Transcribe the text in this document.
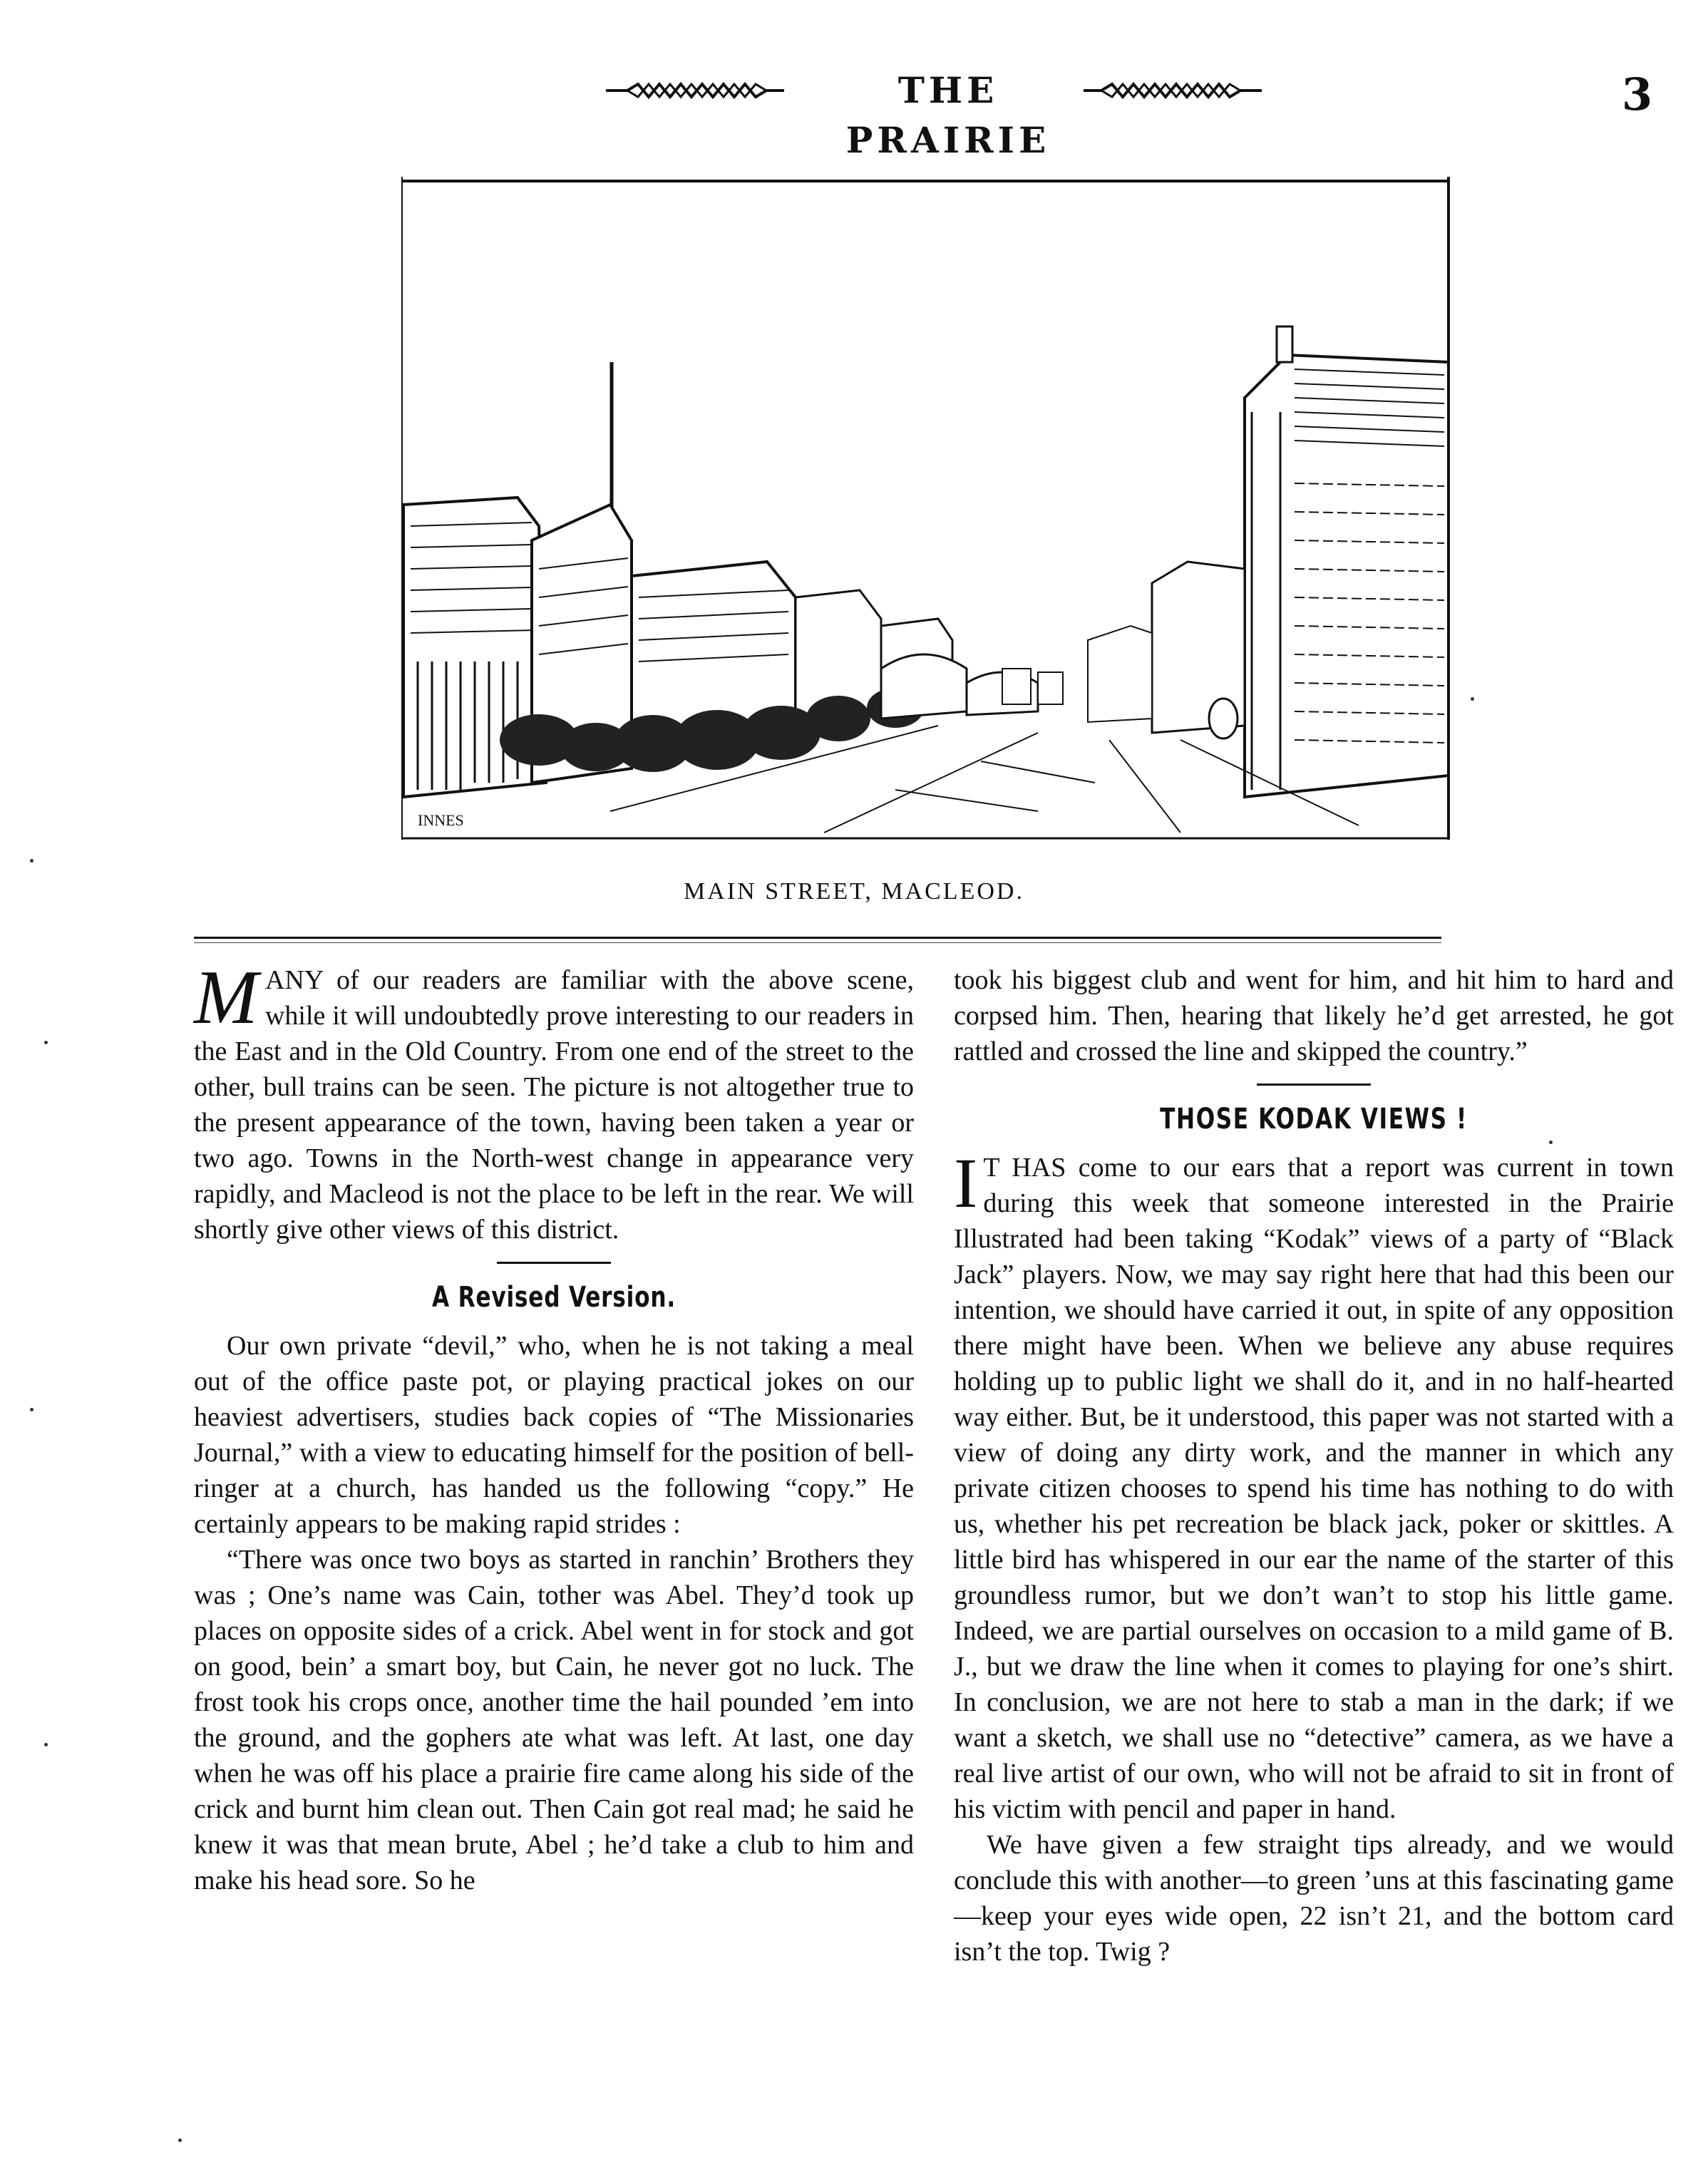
THE PRAIRIE
3
INNES
MAIN STREET, MACLEOD.

M ANY of our readers are familiar with the above scene, while it will undoubtedly prove interesting to our readers in the East and in the Old Country. From one end of the street to the other, bull trains can be seen. The picture is not altogether true to the present appearance of the town, having been taken a year or two ago. Towns in the North-west change in appearance very rapidly, and Macleod is not the place to be left in the rear. We will shortly give other views of this district.

A Revised Version.

Our own private “devil,” who, when he is not taking a meal out of the office paste pot, or playing practical jokes on our heaviest advertisers, studies back copies of “The Missionaries Journal,” with a view to educating himself for the position of bell-ringer at a church, has handed us the following “copy.” He certainly appears to be making rapid strides :

“There was once two boys as started in ranchin’ Brothers they was ; One’s name was Cain, tother was Abel. They’d took up places on opposite sides of a crick. Abel went in for stock and got on good, bein’ a smart boy, but Cain, he never got no luck. The frost took his crops once, another time the hail pounded ’em into the ground, and the gophers ate what was left. At last, one day when he was off his place a prairie fire came along his side of the crick and burnt him clean out. Then Cain got real mad; he said he knew it was that mean brute, Abel ; he’d take a club to him and make his head sore. So he

took his biggest club and went for him, and hit him to hard and corpsed him. Then, hearing that likely he’d get arrested, he got rattled and crossed the line and skipped the country.”

THOSE KODAK VIEWS !

I T HAS come to our ears that a report was current in town during this week that someone interested in the Prairie Illustrated had been taking “Kodak” views of a party of “Black Jack” players. Now, we may say right here that had this been our intention, we should have carried it out, in spite of any opposition there might have been. When we believe any abuse requires holding up to public light we shall do it, and in no half-hearted way either. But, be it understood, this paper was not started with a view of doing any dirty work, and the manner in which any private citizen chooses to spend his time has nothing to do with us, whether his pet recreation be black jack, poker or skittles. A little bird has whispered in our ear the name of the starter of this groundless rumor, but we don’t wan’t to stop his little game. Indeed, we are partial ourselves on occasion to a mild game of B. J., but we draw the line when it comes to playing for one’s shirt. In conclusion, we are not here to stab a man in the dark; if we want a sketch, we shall use no “detective” camera, as we have a real live artist of our own, who will not be afraid to sit in front of his victim with pencil and paper in hand.

We have given a few straight tips already, and we would conclude this with another—to green ’uns at this fascinating game—keep your eyes wide open, 22 isn’t 21, and the bottom card isn’t the top. Twig ?
